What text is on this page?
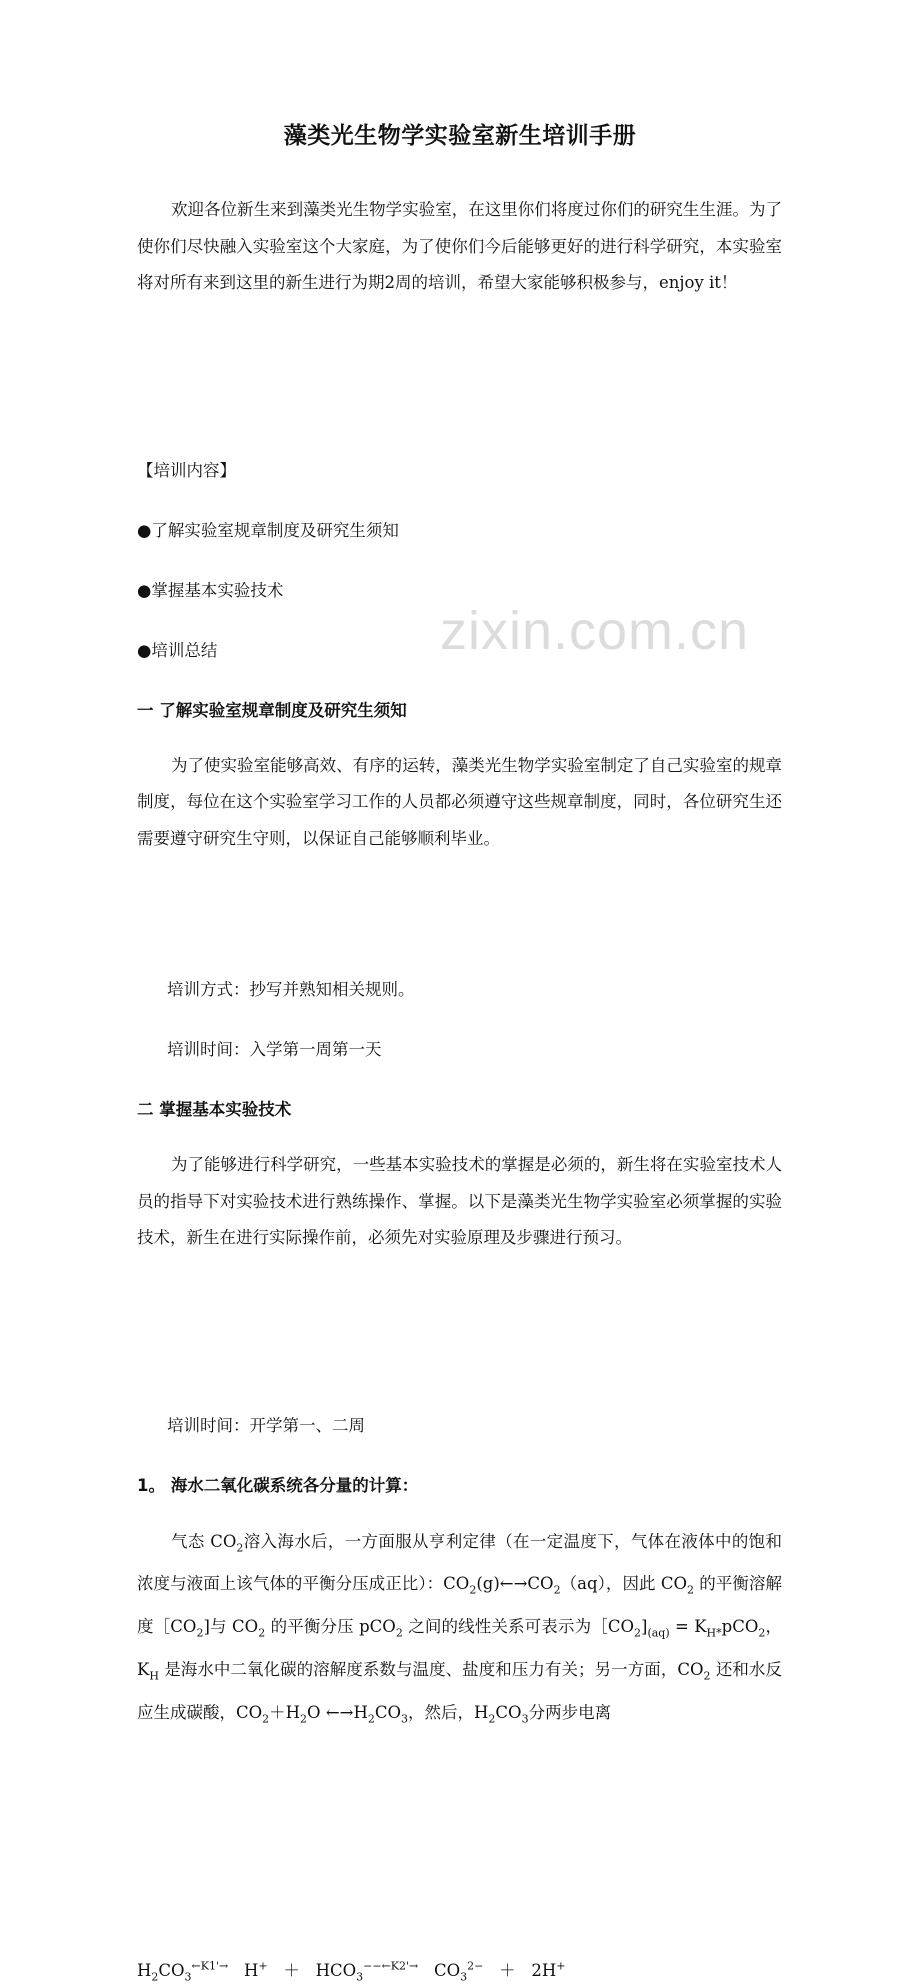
zixin.com.cn
藻类光生物学实验室新生培训手册
欢迎各位新生来到藻类光生物学实验室，在这里你们将度过你们的研究生生涯。为了使你们尽快融入实验室这个大家庭，为了使你们今后能够更好的进行科学研究，本实验室将对所有来到这里的新生进行为期2周的培训，希望大家能够积极参与，enjoy it！
【培训内容】
●了解实验室规章制度及研究生须知
●掌握基本实验技术
●培训总结
一 了解实验室规章制度及研究生须知
为了使实验室能够高效、有序的运转，藻类光生物学实验室制定了自己实验室的规章制度，每位在这个实验室学习工作的人员都必须遵守这些规章制度，同时，各位研究生还需要遵守研究生守则，以保证自己能够顺利毕业。
培训方式：抄写并熟知相关规则。
培训时间：入学第一周第一天
二 掌握基本实验技术
为了能够进行科学研究，一些基本实验技术的掌握是必须的，新生将在实验室技术人员的指导下对实验技术进行熟练操作、掌握。以下是藻类光生物学实验室必须掌握的实验技术，新生在进行实际操作前，必须先对实验原理及步骤进行预习。
培训时间：开学第一、二周
1。 海水二氧化碳系统各分量的计算：
气态 $CO_2$溶入海水后，一方面服从亨利定律（在一定温度下，气体在液体中的饱和浓度与液面上该气体的平衡分压成正比）：$CO_2(g)\leftarrow\to CO_2(aq)$，因此 $CO_2$ 的平衡溶解度$[CO_2$]与 $CO_2$ 的平衡分压 pCO$_2$ 之间的线性关系可表示为$[CO_2]_{(aq)} = K_{H*}pCO_2$，$K_H$ 是海水中二氧化碳的溶解度系数与温度、盐度和压力有关；另一方面，$CO_2$ 还和水反应生成碳酸，$CO_2+H_2O$ $\leftarrow\to H_2CO_3$，然后，$H_2CO_3$分两步电离
$H_2CO_3^{\leftarrow K1'\to}$ $H^+ + HCO_3^{--\leftarrow K2'\to}$ $CO_3^{2-} + 2H^+$
